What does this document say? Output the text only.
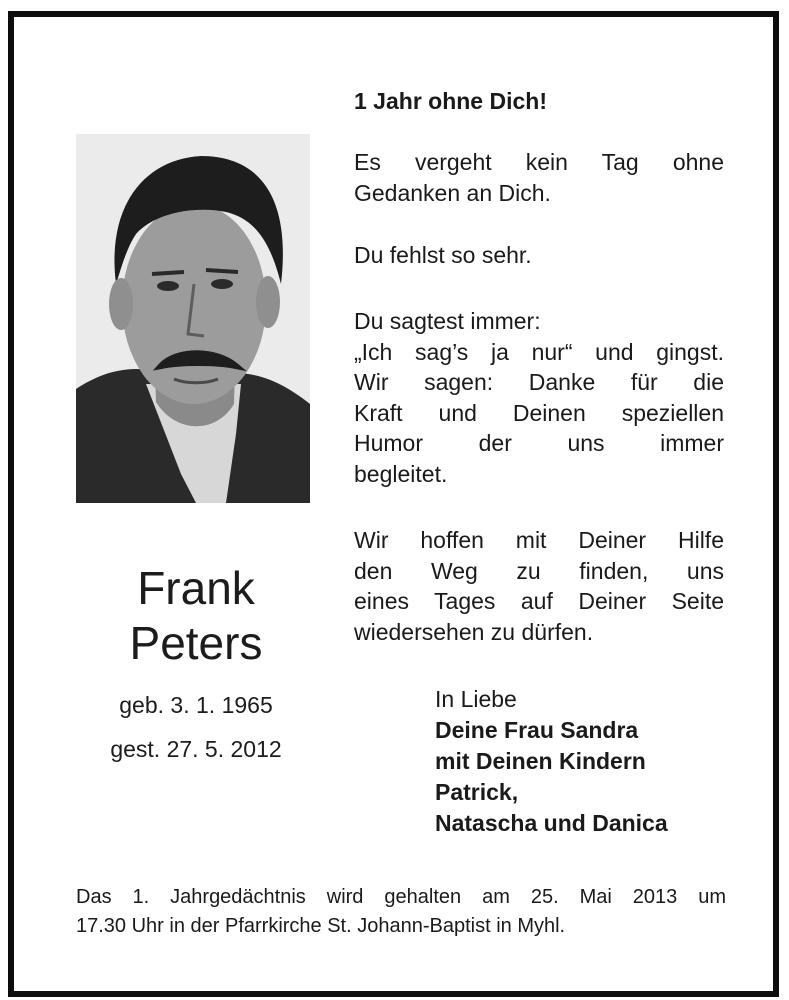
Frank
Peters
geb. 3. 1. 1965
gest. 27. 5. 2012
1 Jahr ohne Dich!

Es vergeht kein Tag ohne

Gedanken an Dich.

Du fehlst so sehr.

Du sagtest immer:

„Ich sag’s ja nur“ und gingst.

Wir sagen: Danke für die

Kraft und Deinen speziellen

Humor der uns immer

begleitet.

Wir hoffen mit Deiner Hilfe

den Weg zu finden, uns

eines Tages auf Deiner Seite

wiedersehen zu dürfen.

In Liebe
Deine Frau Sandra
mit Deinen Kindern
Patrick,
Natascha und Danica
Das 1. Jahrgedächtnis wird gehalten am 25. Mai 2013 um
17.30 Uhr in der Pfarrkirche St. Johann-Baptist in Myhl.
